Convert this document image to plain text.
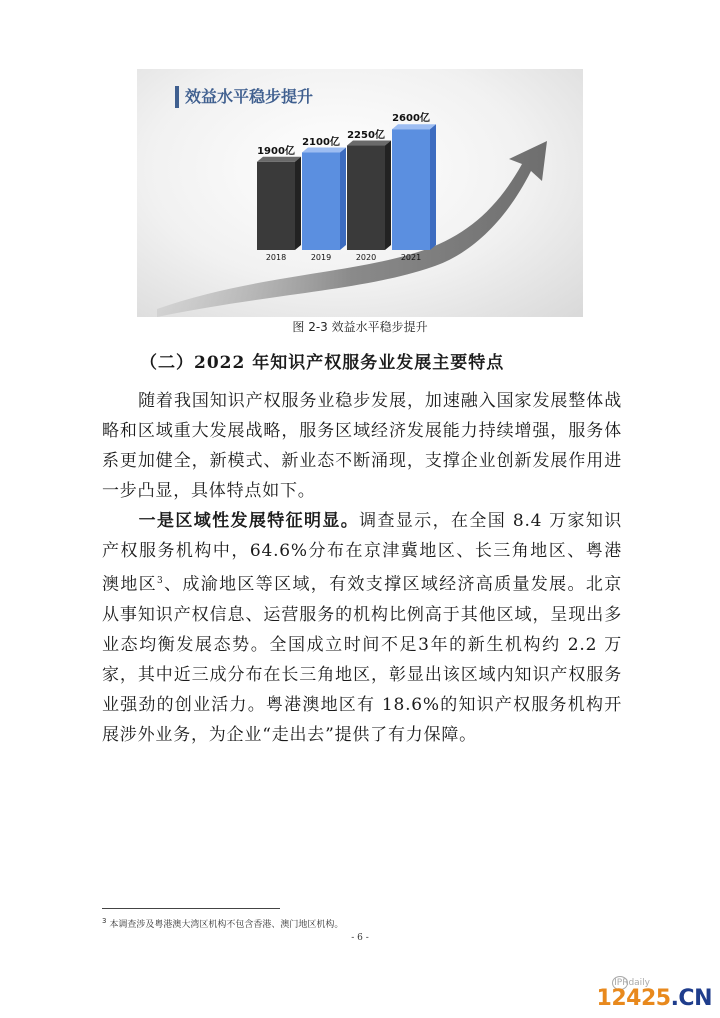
效益水平稳步提升
1900亿
2018
2100亿
2019
2250亿
2020
2600亿
2021
图 2-3 效益水平稳步提升
（二）2022 年知识产权服务业发展主要特点
随着我国知识产权服务业稳步发展，加速融入国家发展整体战略和区域重大发展战略，服务区域经济发展能力持续增强，服务体系更加健全，新模式、新业态不断涌现，支撑企业创新发展作用进一步凸显，具体特点如下。
一是区域性发展特征明显。调查显示，在全国 8.4 万家知识产权服务机构中，64.6%分布在京津冀地区、长三角地区、粤港澳地区$^3$、成渝地区等区域，有效支撑区域经济高质量发展。北京从事知识产权信息、运营服务的机构比例高于其他区域，呈现出多业态均衡发展态势。全国成立时间不足3年的新生机构约 2.2 万家，其中近三成分布在长三角地区，彰显出该区域内知识产权服务业强劲的创业活力。粤港澳地区有 18.6%的知识产权服务机构开展涉外业务，为企业“走出去”提供了有力保障。
$^3$ 本调查涉及粤港澳大湾区机构不包含香港、澳门地区机构。
- 6 -
IPRdaily
12425.CN
